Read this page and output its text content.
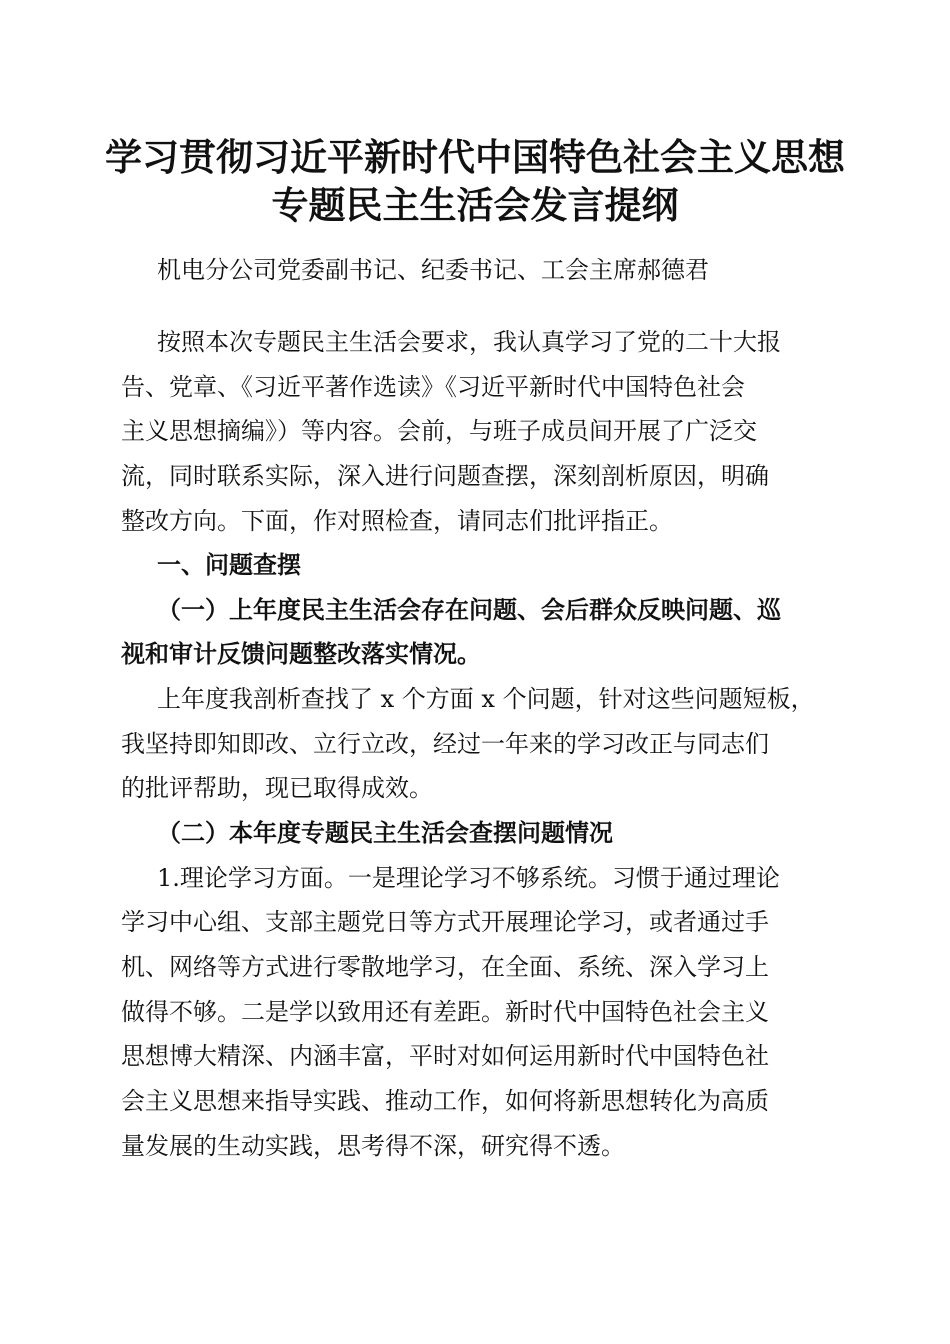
学习贯彻习近平新时代中国特色社会主义思想
专题民主生活会发言提纲
机电分公司党委副书记、纪委书记、工会主席郝德君
按照本次专题民主生活会要求，我认真学习了党的二十大报
告、党章、《习近平著作选读》《习近平新时代中国特色社会
主义思想摘编》）等内容。会前，与班子成员间开展了广泛交
流，同时联系实际，深入进行问题查摆，深刻剖析原因，明确
整改方向。下面，作对照检查，请同志们批评指正。
一、问题查摆
（一）上年度民主生活会存在问题、会后群众反映问题、巡
视和审计反馈问题整改落实情况。
上年度我剖析查找了 x 个方面 x 个问题，针对这些问题短板，
我坚持即知即改、立行立改，经过一年来的学习改正与同志们
的批评帮助，现已取得成效。
（二）本年度专题民主生活会查摆问题情况
1.理论学习方面。一是理论学习不够系统。习惯于通过理论
学习中心组、支部主题党日等方式开展理论学习，或者通过手
机、网络等方式进行零散地学习，在全面、系统、深入学习上
做得不够。二是学以致用还有差距。新时代中国特色社会主义
思想博大精深、内涵丰富，平时对如何运用新时代中国特色社
会主义思想来指导实践、推动工作，如何将新思想转化为高质
量发展的生动实践，思考得不深，研究得不透。
